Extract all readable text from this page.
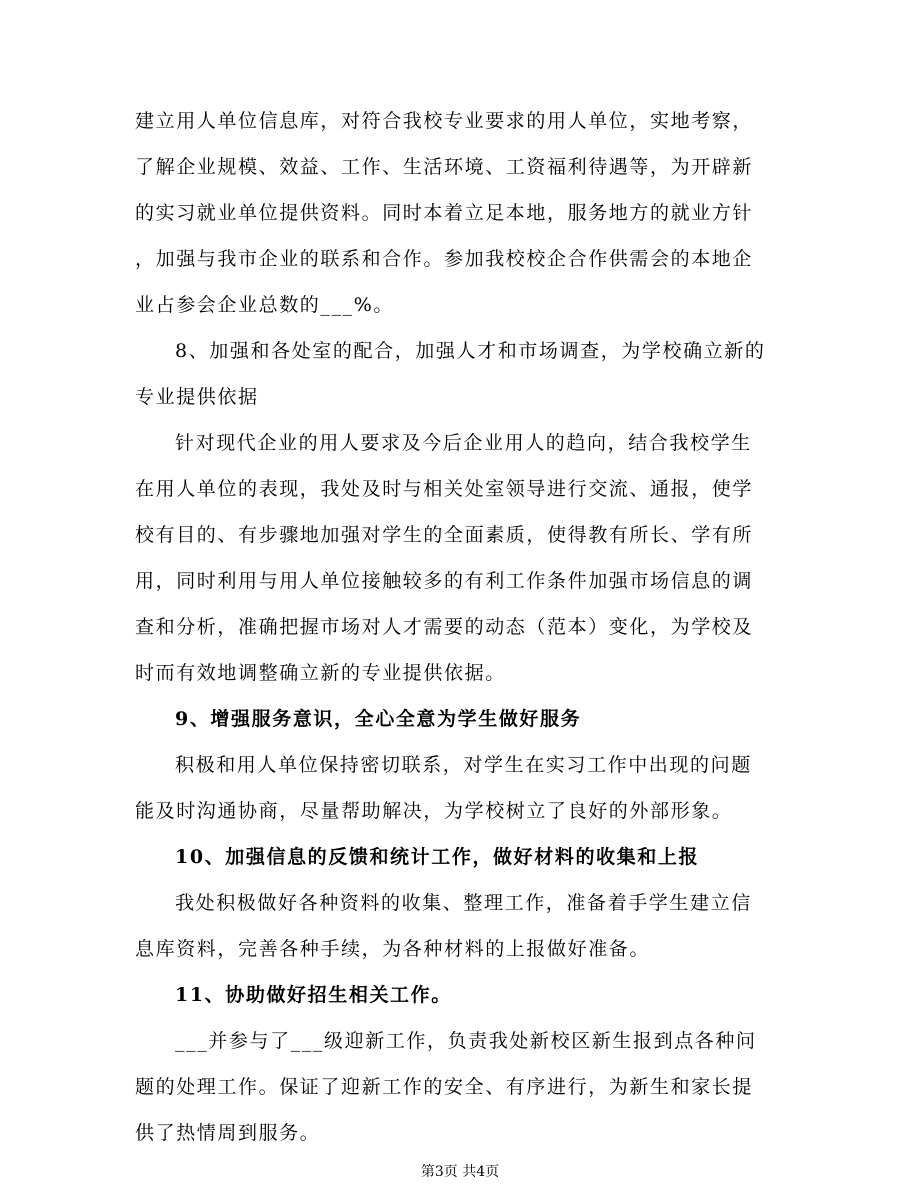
建立用人单位信息库，对符合我校专业要求的用人单位，实地考察，
了解企业规模、效益、工作、生活环境、工资福利待遇等，为开辟新
的实习就业单位提供资料。同时本着立足本地，服务地方的就业方针
，加强与我市企业的联系和合作。参加我校校企合作供需会的本地企
业占参会企业总数的___%。
8、加强和各处室的配合，加强人才和市场调查，为学校确立新的
专业提供依据
针对现代企业的用人要求及今后企业用人的趋向，结合我校学生
在用人单位的表现，我处及时与相关处室领导进行交流、通报，使学
校有目的、有步骤地加强对学生的全面素质，使得教有所长、学有所
用，同时利用与用人单位接触较多的有利工作条件加强市场信息的调
查和分析，准确把握市场对人才需要的动态（范本）变化，为学校及
时而有效地调整确立新的专业提供依据。
9、增强服务意识，全心全意为学生做好服务
积极和用人单位保持密切联系，对学生在实习工作中出现的问题
能及时沟通协商，尽量帮助解决，为学校树立了良好的外部形象。
10、加强信息的反馈和统计工作，做好材料的收集和上报
我处积极做好各种资料的收集、整理工作，准备着手学生建立信
息库资料，完善各种手续，为各种材料的上报做好准备。
11、协助做好招生相关工作。
___并参与了___级迎新工作，负责我处新校区新生报到点各种问
题的处理工作。保证了迎新工作的安全、有序进行，为新生和家长提
供了热情周到服务。
第3页 共4页
